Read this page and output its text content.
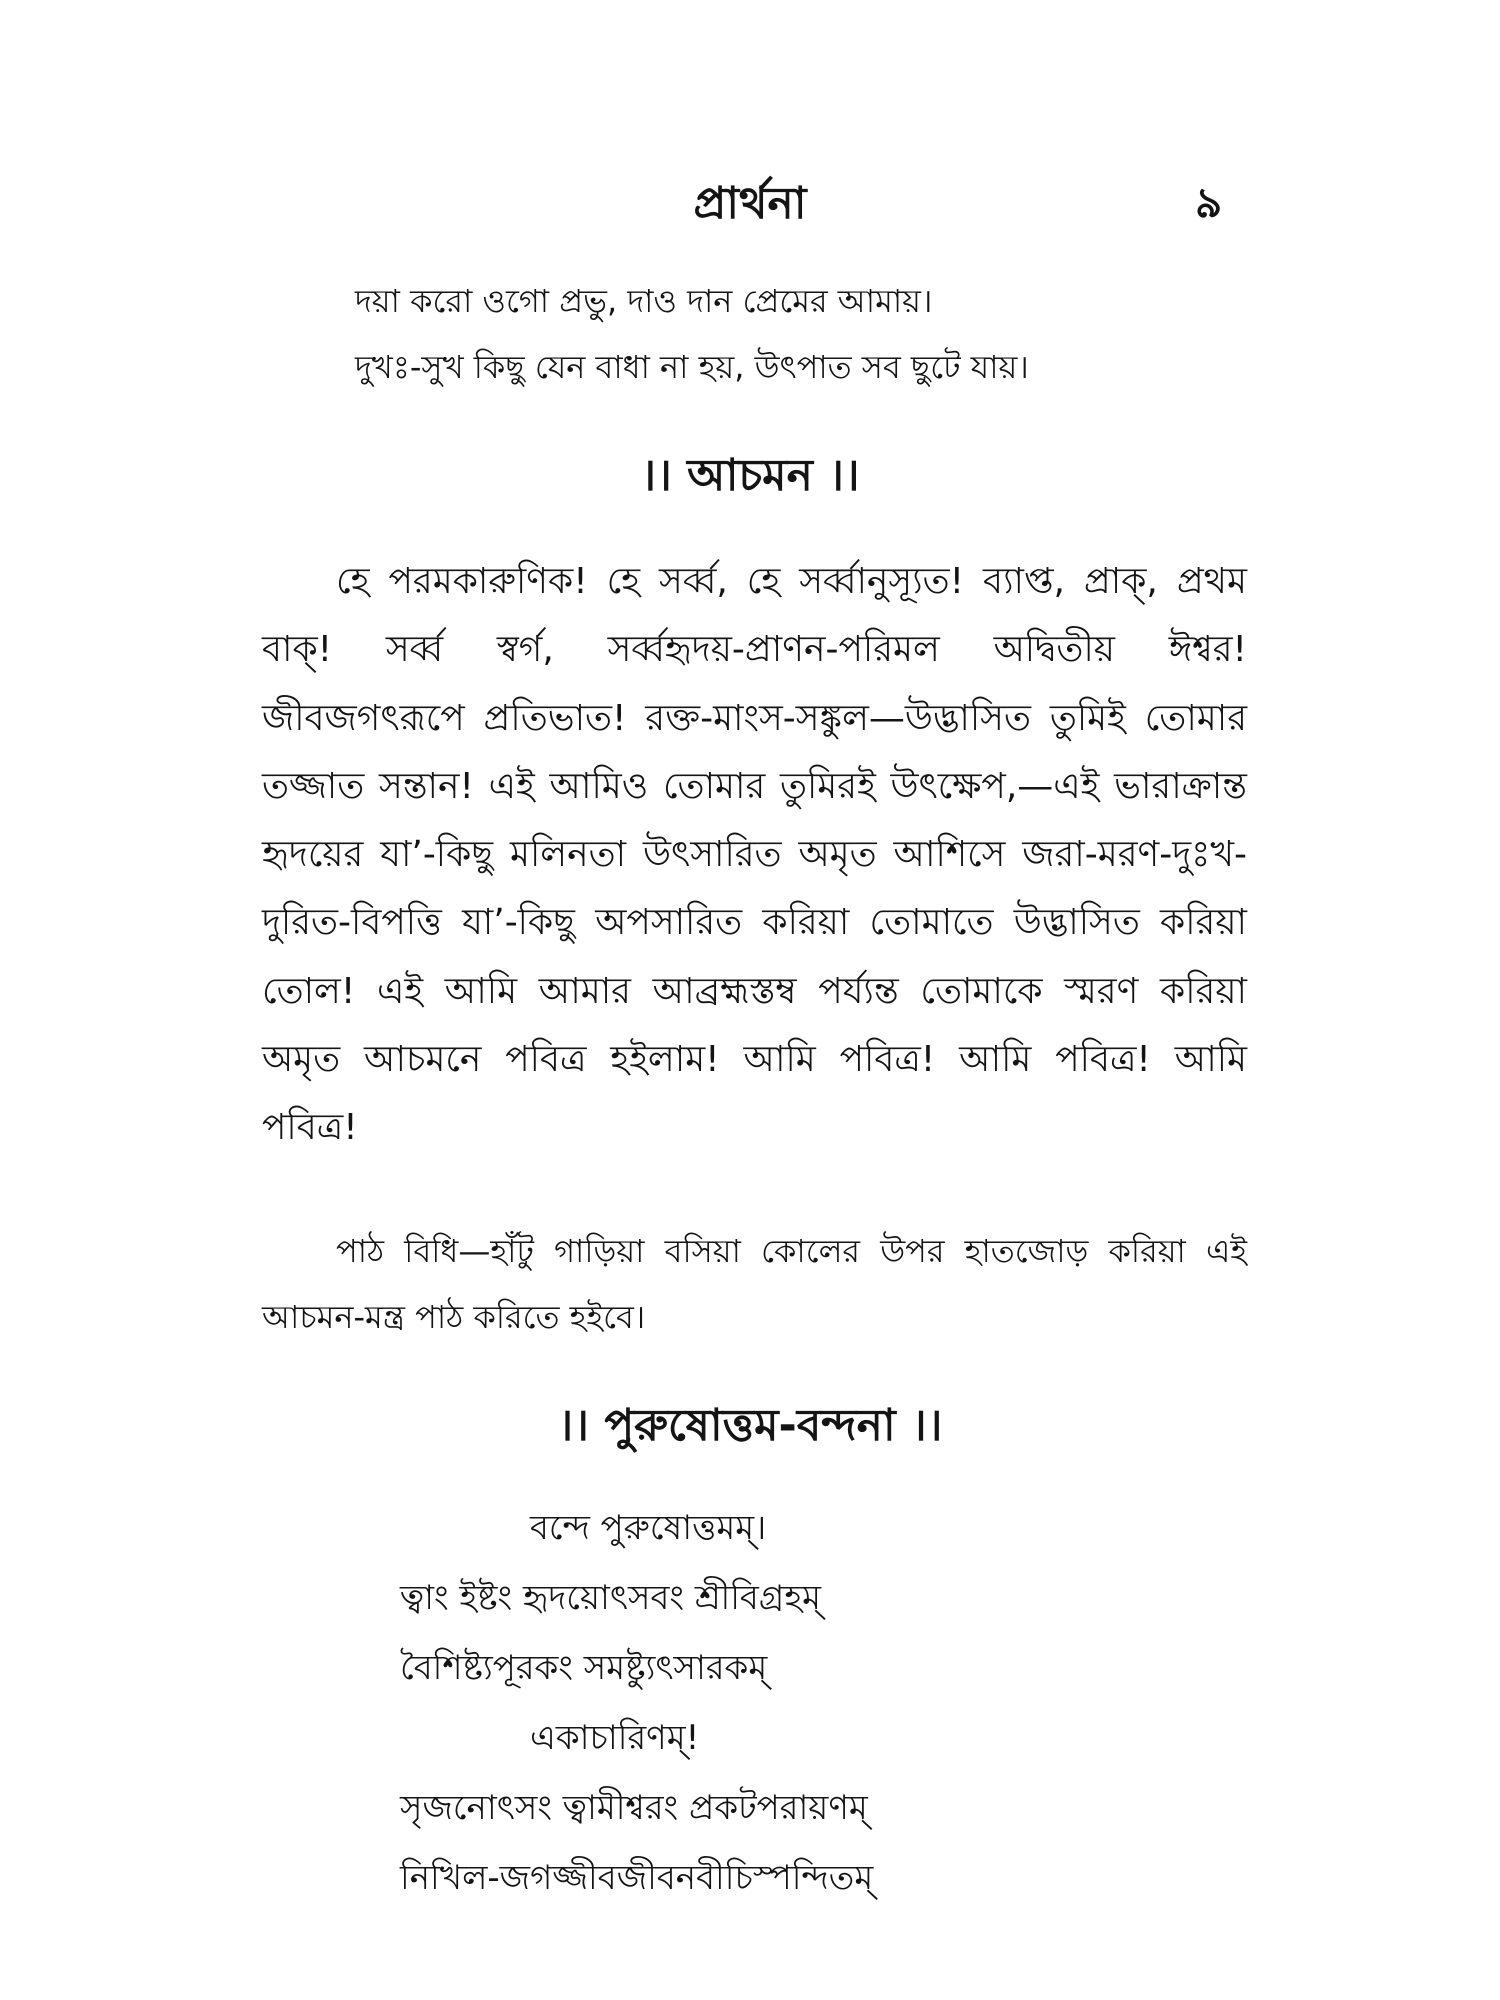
প্রার্থনা	৯
দয়া করো ওগো প্রভু, দাও দান প্রেমের আমায়।
দুখঃ-সুখ কিছু যেন বাধা না হয়, উৎপাত সব ছুটে যায়।
।। আচমন ।।

হে পরমকারুণিক! হে সর্ব্ব, হে সর্ব্বানুস্যূত! ব্যাপ্ত, প্রাক্, প্রথম বাক্! সর্ব্ব স্বর্গ, সর্ব্বহৃদয়-প্রাণন-পরিমল অদ্বিতীয় ঈশ্বর! জীবজগৎরূপে প্রতিভাত! রক্ত-মাংস-সঙ্কুল—উদ্ভাসিত তুমিই তোমার তজ্জাত সন্তান! এই আমিও তোমার তুমিরই উৎক্ষেপ,—এই ভারাক্রান্ত হৃদয়ের যা’-কিছু মলিনতা উৎসারিত অমৃত আশিসে জরা-মরণ-দুঃখ-দুরিত-বিপত্তি যা’-কিছু অপসারিত করিয়া তোমাতে উদ্ভাসিত করিয়া তোল! এই আমি আমার আব্রহ্মস্তম্ব পর্য্যন্ত তোমাকে স্মরণ করিয়া অমৃত আচমনে পবিত্র হইলাম! আমি পবিত্র! আমি পবিত্র! আমি পবিত্র!

পাঠ বিধি—হাঁটু গাড়িয়া বসিয়া কোলের উপর হাতজোড় করিয়া এই আচমন-মন্ত্র পাঠ করিতে হইবে।

।। পুরুষোত্তম-বন্দনা ।।
বন্দে পুরুষোত্তমম্।
ত্বাং ইষ্টং হৃদয়োৎসবং শ্রীবিগ্রহম্
বৈশিষ্ট্যপূরকং সমষ্ট্যুৎসারকম্
একাচারিণম্!
সৃজনোৎসং ত্বামীশ্বরং প্রকটপরায়ণম্
নিখিল-জগজ্জীবজীবনবীচিস্পন্দিতম্
